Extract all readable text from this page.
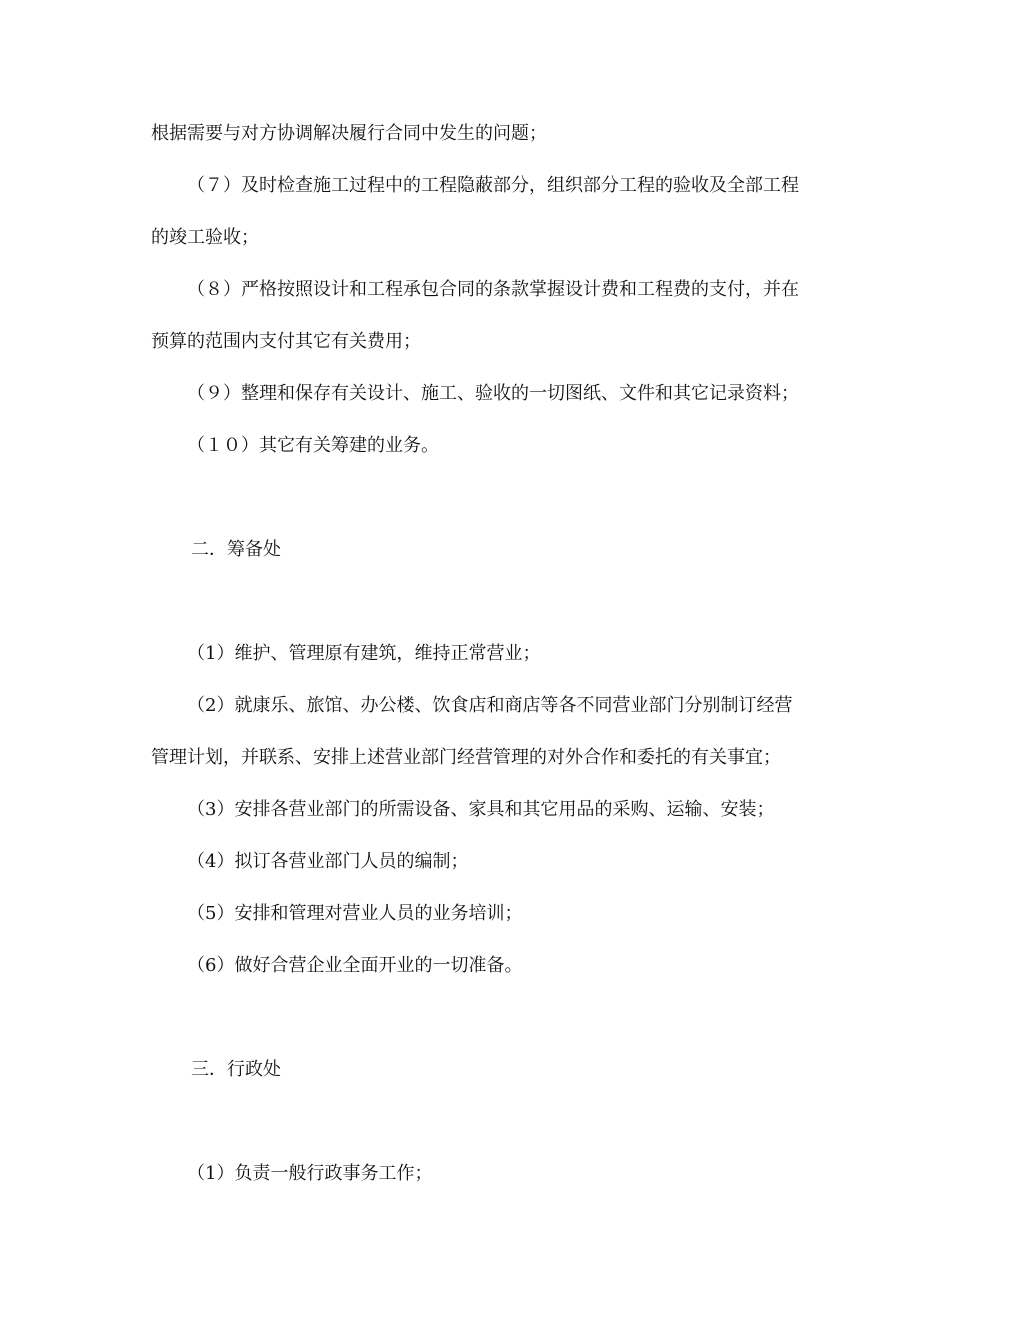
根据需要与对方协调解决履行合同中发生的问题；
（７）及时检查施工过程中的工程隐蔽部分，组织部分工程的验收及全部工程
的竣工验收；
（８）严格按照设计和工程承包合同的条款掌握设计费和工程费的支付，并在
预算的范围内支付其它有关费用；
（９）整理和保存有关设计、施工、验收的一切图纸、文件和其它记录资料；
（１０）其它有关筹建的业务。
二．筹备处
（1）维护、管理原有建筑，维持正常营业；
（2）就康乐、旅馆、办公楼、饮食店和商店等各不同营业部门分别制订经营
管理计划，并联系、安排上述营业部门经营管理的对外合作和委托的有关事宜；
（3）安排各营业部门的所需设备、家具和其它用品的采购、运输、安装；
（4）拟订各营业部门人员的编制；
（5）安排和管理对营业人员的业务培训；
（6）做好合营企业全面开业的一切准备。
三．行政处
（1）负责一般行政事务工作；
